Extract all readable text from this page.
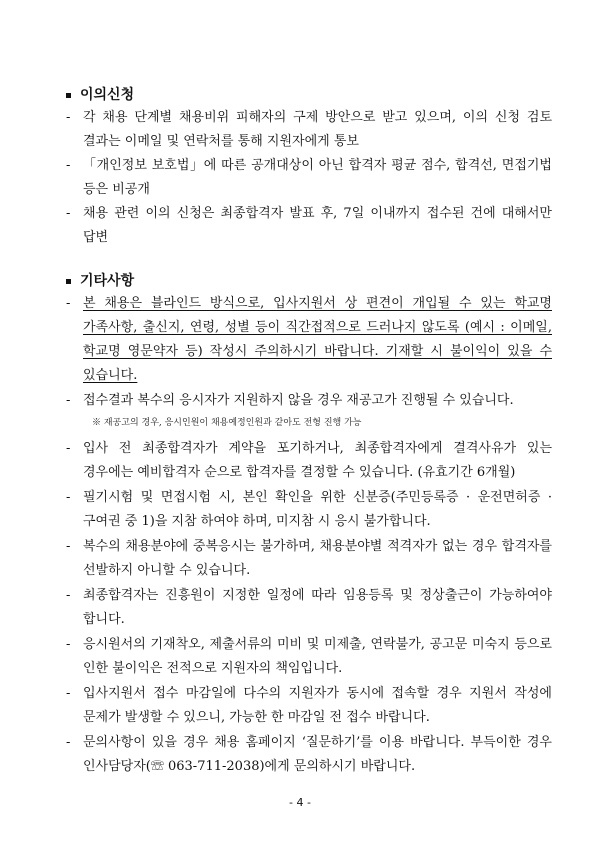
이의신청
- 각 채용 단계별 채용비위 피해자의 구제 방안으로 받고 있으며, 이의 신청 검토 결과는 이메일 및 연락처를 통해 지원자에게 통보
- 「개인정보 보호법」에 따른 공개대상이 아닌 합격자 평균 점수, 합격선, 면접기법 등은 비공개
- 채용 관련 이의 신청은 최종합격자 발표 후, 7일 이내까지 접수된 건에 대해서만 답변
기타사항
- 본 채용은 블라인드 방식으로, 입사지원서 상 편견이 개입될 수 있는 학교명 가족사항, 출신지, 연령, 성별 등이 직간접적으로 드러나지 않도록 (예시 : 이메일, 학교명 영문약자 등) 작성시 주의하시기 바랍니다. 기재할 시 불이익이 있을 수 있습니다.
- 접수결과 복수의 응시자가 지원하지 않을 경우 재공고가 진행될 수 있습니다.
※ 재공고의 경우, 응시인원이 채용예정인원과 같아도 전형 진행 가능
- 입사 전 최종합격자가 계약을 포기하거나, 최종합격자에게 결격사유가 있는 경우에는 예비합격자 순으로 합격자를 결정할 수 있습니다. (유효기간 6개월)
- 필기시험 및 면접시험 시, 본인 확인을 위한 신분증(주민등록증 · 운전면허증 · 구여권 중 1)을 지참 하여야 하며, 미지참 시 응시 불가합니다.
- 복수의 채용분야에 중복응시는 불가하며, 채용분야별 적격자가 없는 경우 합격자를 선발하지 아니할 수 있습니다.
- 최종합격자는 진흥원이 지정한 일정에 따라 임용등록 및 정상출근이 가능하여야 합니다.
- 응시원서의 기재착오, 제출서류의 미비 및 미제출, 연락불가, 공고문 미숙지 등으로 인한 불이익은 전적으로 지원자의 책임입니다.
- 입사지원서 접수 마감일에 다수의 지원자가 동시에 접속할 경우 지원서 작성에 문제가 발생할 수 있으니, 가능한 한 마감일 전 접수 바랍니다.
- 문의사항이 있을 경우 채용 홈페이지 ‘질문하기’를 이용 바랍니다. 부득이한 경우 인사담당자(☏ 063-711-2038)에게 문의하시기 바랍니다.
- 4 -
